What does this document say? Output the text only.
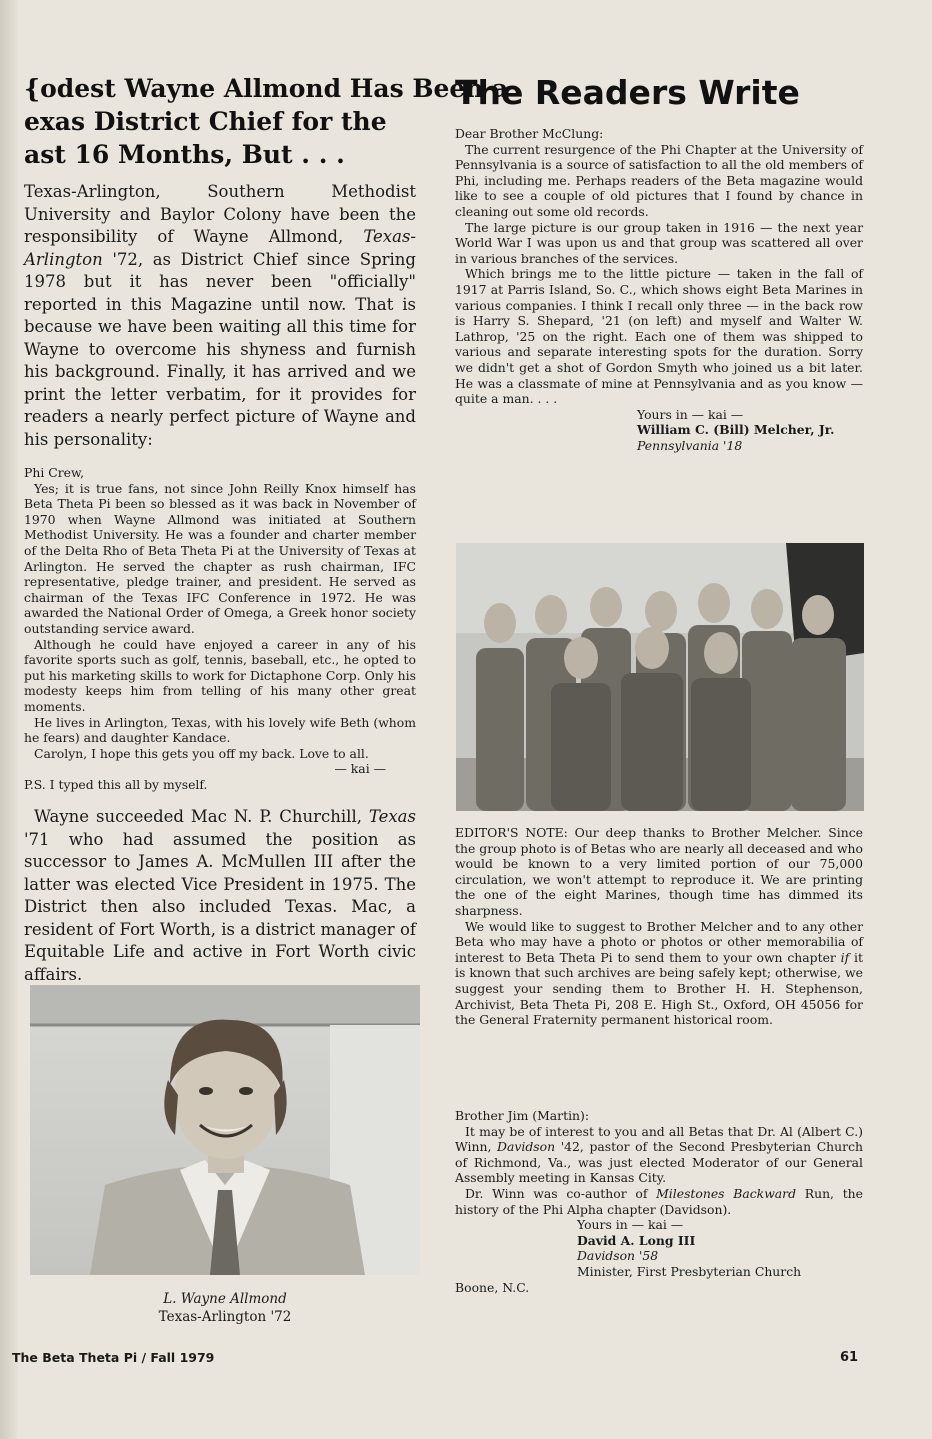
{odest Wayne Allmond Has Been a
exas District Chief for the
ast 16 Months, But . . .

Texas-Arlington, Southern Methodist University and Baylor Colony have been the responsibility of Wayne Allmond, Texas-Arlington '72, as District Chief since Spring 1978 but it has never been "officially" reported in this Magazine until now. That is because we have been waiting all this time for Wayne to overcome his shyness and furnish his background. Finally, it has arrived and we print the letter verbatim, for it provides for readers a nearly perfect picture of Wayne and his personality:

Phi Crew,

Yes; it is true fans, not since John Reilly Knox himself has Beta Theta Pi been so blessed as it was back in November of 1970 when Wayne Allmond was initiated at Southern Methodist University. He was a founder and charter member of the Delta Rho of Beta Theta Pi at the University of Texas at Arlington. He served the chapter as rush chairman, IFC representative, pledge trainer, and president. He served as chairman of the Texas IFC Conference in 1972. He was awarded the National Order of Omega, a Greek honor society outstanding service award.

Although he could have enjoyed a career in any of his favorite sports such as golf, tennis, baseball, etc., he opted to put his marketing skills to work for Dictaphone Corp. Only his modesty keeps him from telling of his many other great moments.

He lives in Arlington, Texas, with his lovely wife Beth (whom he fears) and daughter Kandace.

Carolyn, I hope this gets you off my back. Love to all.

— kai —

P.S. I typed this all by myself.

Wayne succeeded Mac N. P. Churchill, Texas '71 who had assumed the position as successor to James A. McMullen III after the latter was elected Vice President in 1975. The District then also included Texas. Mac, a resident of Fort Worth, is a district manager of Equitable Life and active in Fort Worth civic affairs.

L. Wayne Allmond
Texas-Arlington '72
The Readers Write

Dear Brother McClung:

The current resurgence of the Phi Chapter at the University of Pennsylvania is a source of satisfaction to all the old members of Phi, including me. Perhaps readers of the Beta magazine would like to see a couple of old pictures that I found by chance in cleaning out some old records.

The large picture is our group taken in 1916 — the next year World War I was upon us and that group was scattered all over in various branches of the services.

Which brings me to the little picture — taken in the fall of 1917 at Parris Island, So. C., which shows eight Beta Marines in various companies. I think I recall only three — in the back row is Harry S. Shepard, '21 (on left) and myself and Walter W. Lathrop, '25 on the right. Each one of them was shipped to various and separate interesting spots for the duration. Sorry we didn't get a shot of Gordon Smyth who joined us a bit later. He was a classmate of mine at Pennsylvania and as you know — quite a man. . . .

Yours in — kai —
William C. (Bill) Melcher, Jr.
Pennsylvania '18

EDITOR'S NOTE: Our deep thanks to Brother Melcher. Since the group photo is of Betas who are nearly all deceased and who would be known to a very limited portion of our 75,000 circulation, we won't attempt to reproduce it. We are printing the one of the eight Marines, though time has dimmed its sharpness.

We would like to suggest to Brother Melcher and to any other Beta who may have a photo or photos or other memorabilia of interest to Beta Theta Pi to send them to your own chapter if it is known that such archives are being safely kept; otherwise, we suggest your sending them to Brother H. H. Stephenson, Archivist, Beta Theta Pi, 208 E. High St., Oxford, OH 45056 for the General Fraternity permanent historical room.

Brother Jim (Martin):

It may be of interest to you and all Betas that Dr. Al (Albert C.) Winn, Davidson '42, pastor of the Second Presbyterian Church of Richmond, Va., was just elected Moderator of our General Assembly meeting in Kansas City.

Dr. Winn was co-author of Milestones Backward Run, the history of the Phi Alpha chapter (Davidson).

Yours in — kai —
David A. Long III
Davidson '58
Minister, First Presbyterian Church

Boone, N.C.

The Beta Theta Pi / Fall 1979	61
